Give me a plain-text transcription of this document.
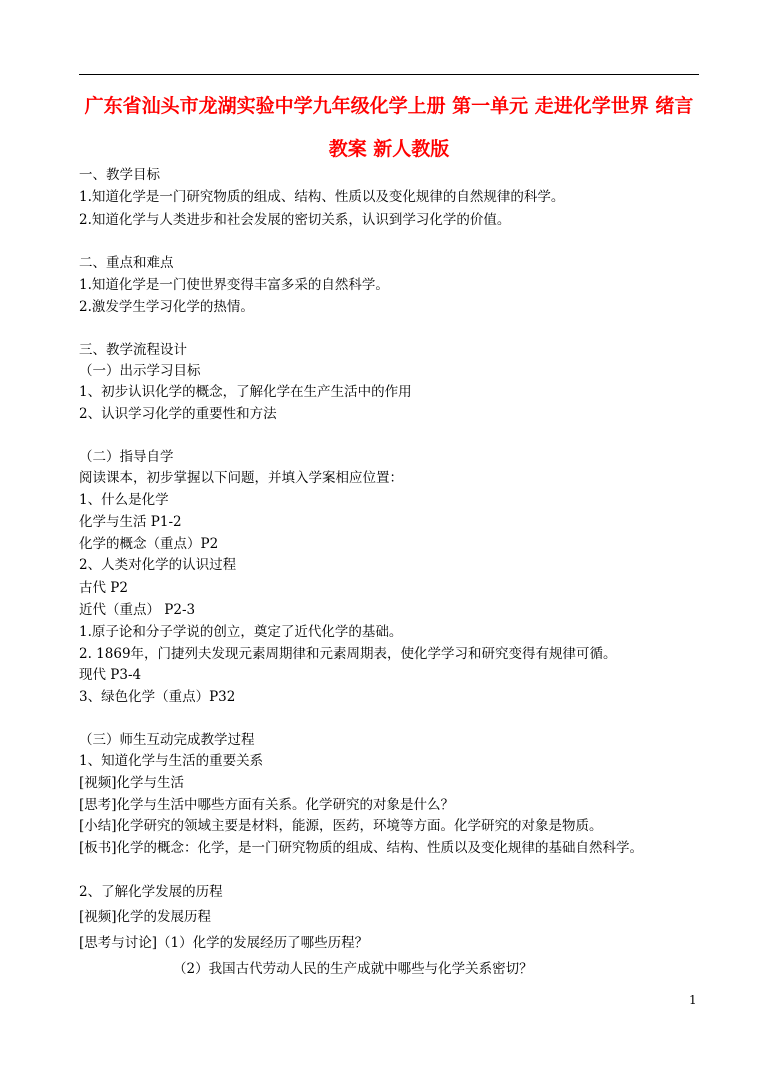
广东省汕头市龙湖实验中学九年级化学上册 第一单元 走进化学世界 绪言
教案 新人教版
一、教学目标
1.知道化学是一门研究物质的组成、结构、性质以及变化规律的自然规律的科学。
2.知道化学与人类进步和社会发展的密切关系，认识到学习化学的价值。
二、重点和难点
1.知道化学是一门使世界变得丰富多采的自然科学。
2.激发学生学习化学的热情。
三、教学流程设计
（一）出示学习目标
1、初步认识化学的概念，了解化学在生产生活中的作用
2、认识学习化学的重要性和方法
（二）指导自学
阅读课本，初步掌握以下问题，并填入学案相应位置：
1、什么是化学
化学与生活 P1-2
化学的概念（重点）P2
2、人类对化学的认识过程
古代 P2
近代（重点） P2-3
1.原子论和分子学说的创立，奠定了近代化学的基础。
2. 1869年，门捷列夫发现元素周期律和元素周期表，使化学学习和研究变得有规律可循。
现代 P3-4
3、绿色化学（重点）P32
（三）师生互动完成教学过程
1、知道化学与生活的重要关系
[视频]化学与生活
[思考]化学与生活中哪些方面有关系。化学研究的对象是什么？
[小结]化学研究的领域主要是材料，能源，医药，环境等方面。化学研究的对象是物质。
[板书]化学的概念：化学，是一门研究物质的组成、结构、性质以及变化规律的基础自然科学。
2、了解化学发展的历程
[视频]化学的发展历程
[思考与讨论]（1）化学的发展经历了哪些历程？
（2）我国古代劳动人民的生产成就中哪些与化学关系密切？
1
